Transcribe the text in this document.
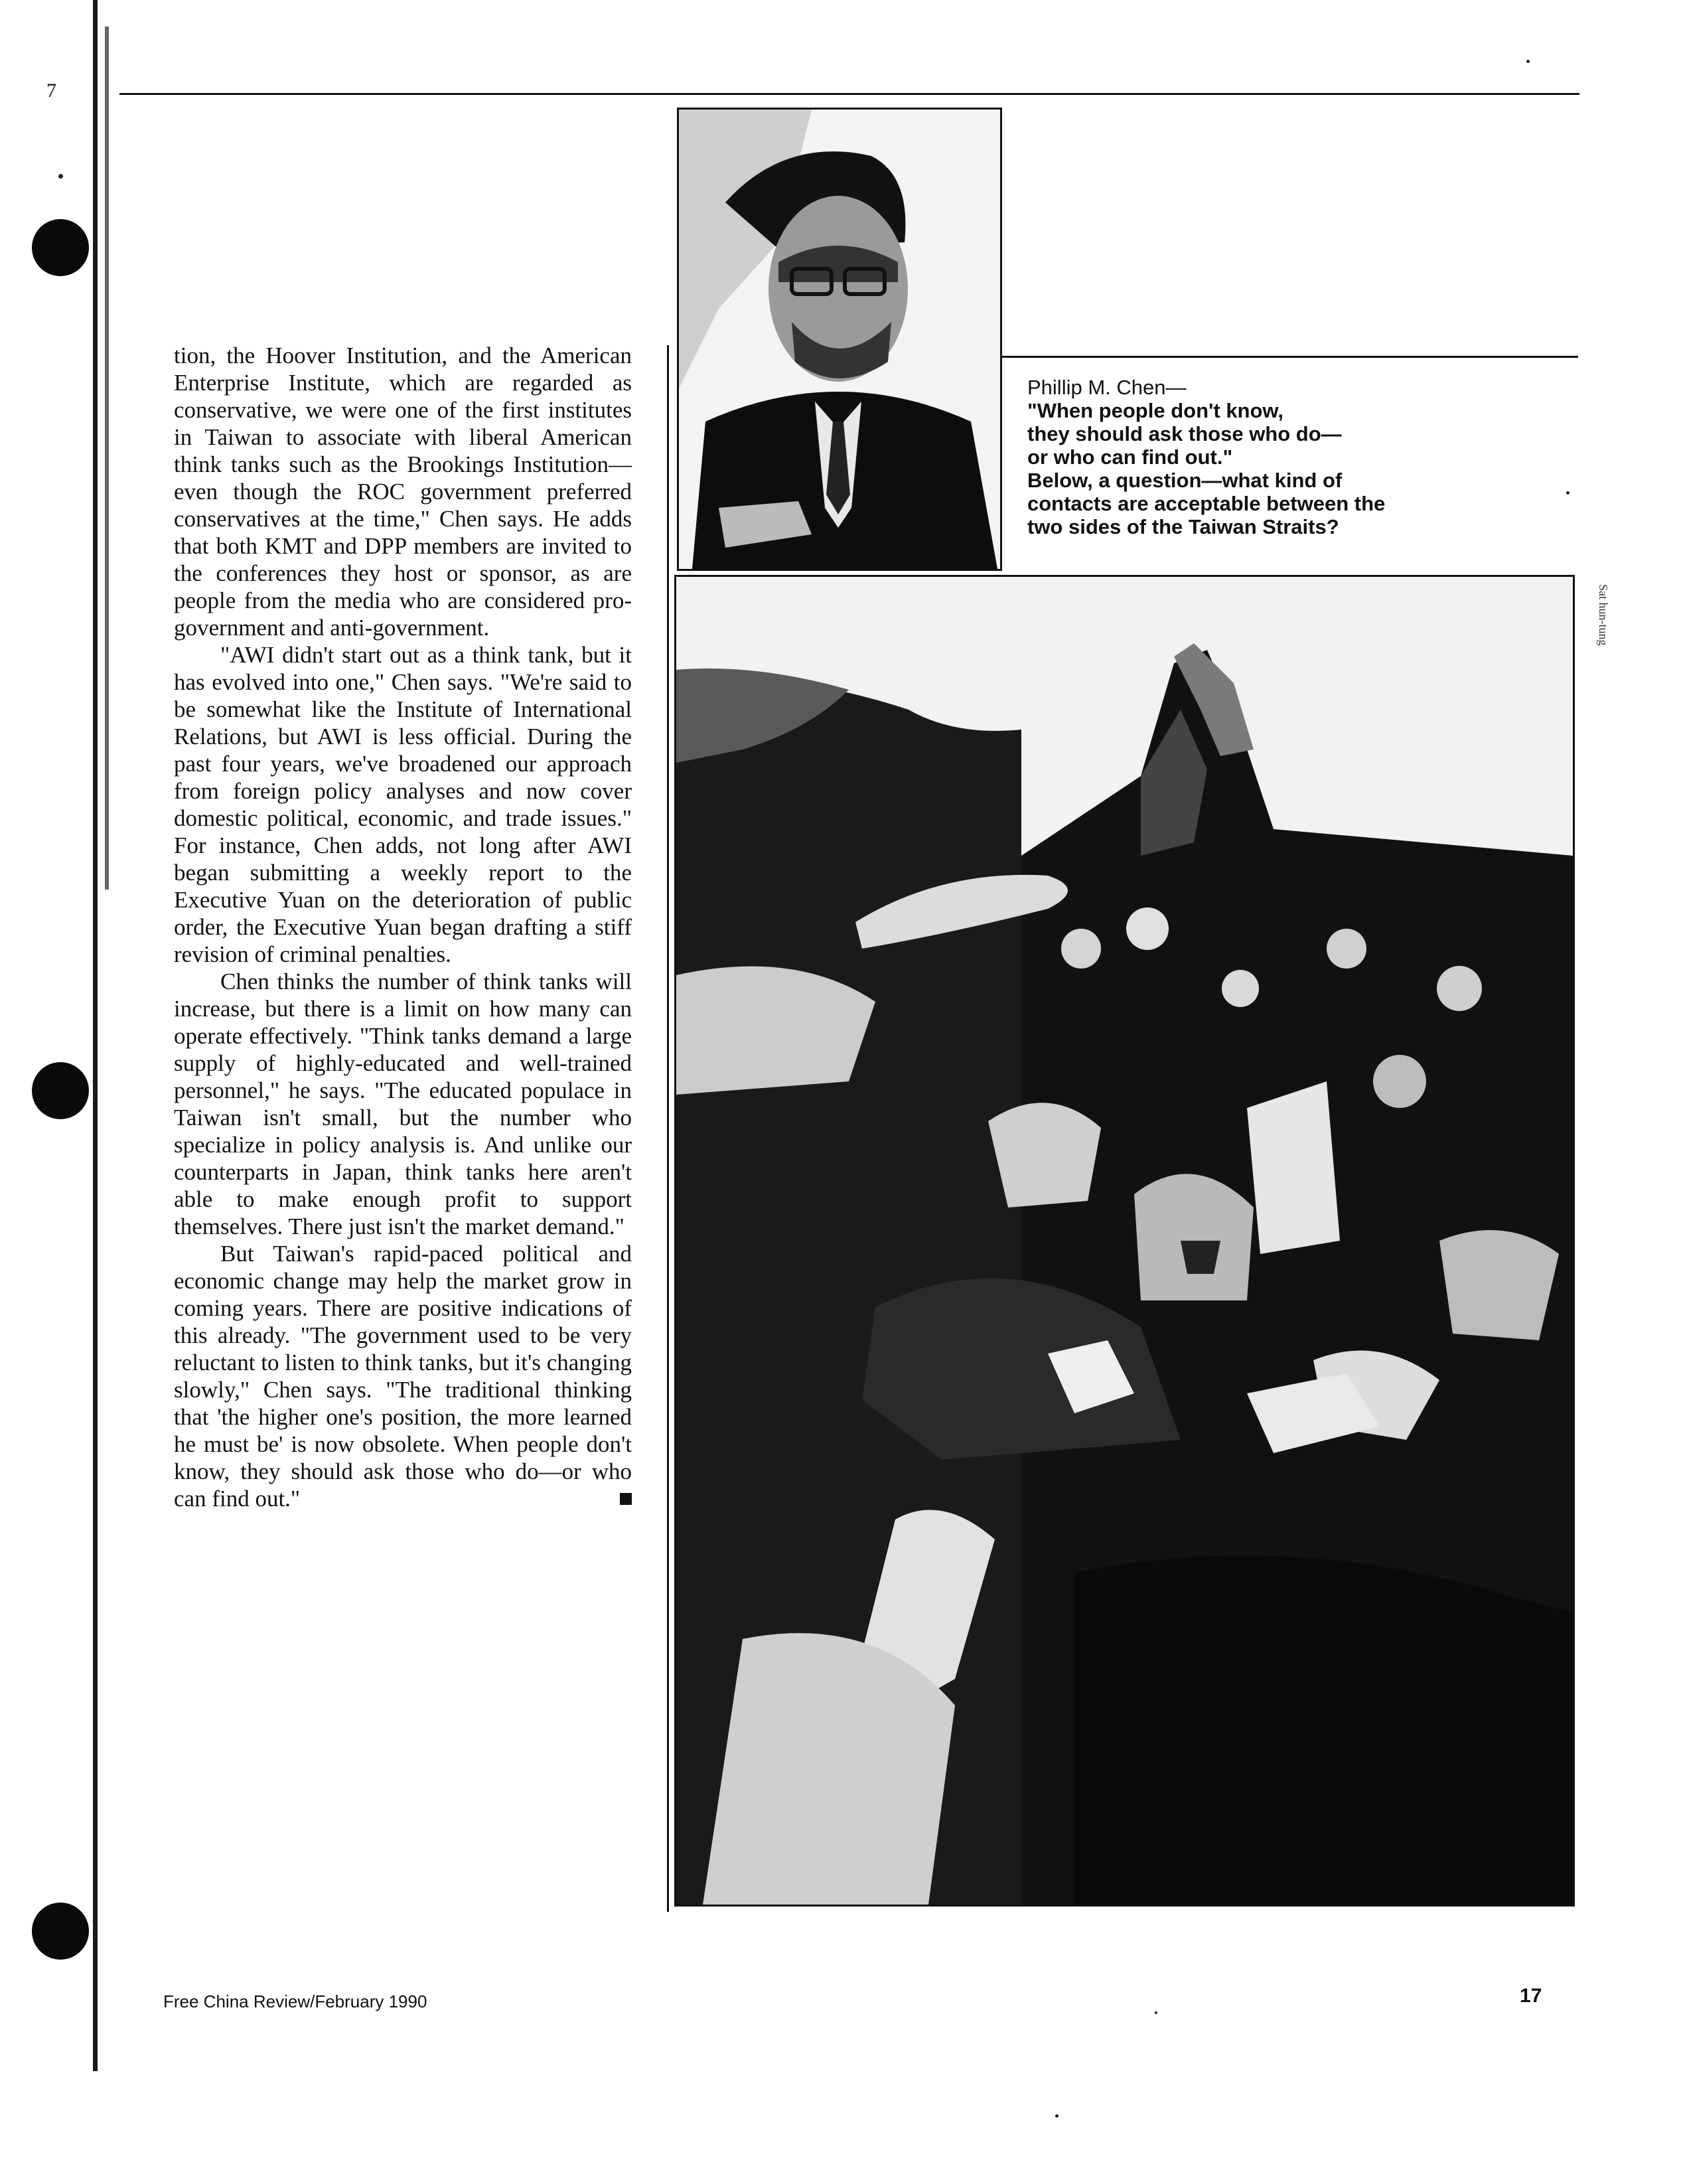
7

tion, the Hoover Institution, and the American Enterprise Institute, which are regarded as conservative, we were one of the first institutes in Taiwan to associate with liberal American think tanks such as the Brookings Institution—even though the ROC government preferred conservatives at the time," Chen says. He adds that both KMT and DPP members are invited to the conferences they host or sponsor, as are people from the media who are considered pro-government and anti-government.

"AWI didn't start out as a think tank, but it has evolved into one," Chen says. "We're said to be somewhat like the Institute of International Relations, but AWI is less official. During the past four years, we've broadened our approach from foreign policy analyses and now cover domestic political, economic, and trade issues." For instance, Chen adds, not long after AWI began submitting a weekly report to the Executive Yuan on the deterioration of public order, the Executive Yuan began drafting a stiff revision of criminal penalties.

Chen thinks the number of think tanks will increase, but there is a limit on how many can operate effectively. "Think tanks demand a large supply of highly-educated and well-trained personnel," he says. "The educated populace in Taiwan isn't small, but the number who specialize in policy analysis is. And unlike our counterparts in Japan, think tanks here aren't able to make enough profit to support themselves. There just isn't the market demand."

But Taiwan's rapid-paced political and economic change may help the market grow in coming years. There are positive indications of this already. "The government used to be very reluctant to listen to think tanks, but it's changing slowly," Chen says. "The traditional thinking that 'the higher one's position, the more learned he must be' is now obsolete. When people don't know, they should ask those who do—or who can find out."

Phillip M. Chen—
"When people don't know,
they should ask those who do—
or who can find out."
Below, a question—what kind of
contacts are acceptable between the
two sides of the Taiwan Straits?
Sat hun-tung
Free China Review/February 1990	17
